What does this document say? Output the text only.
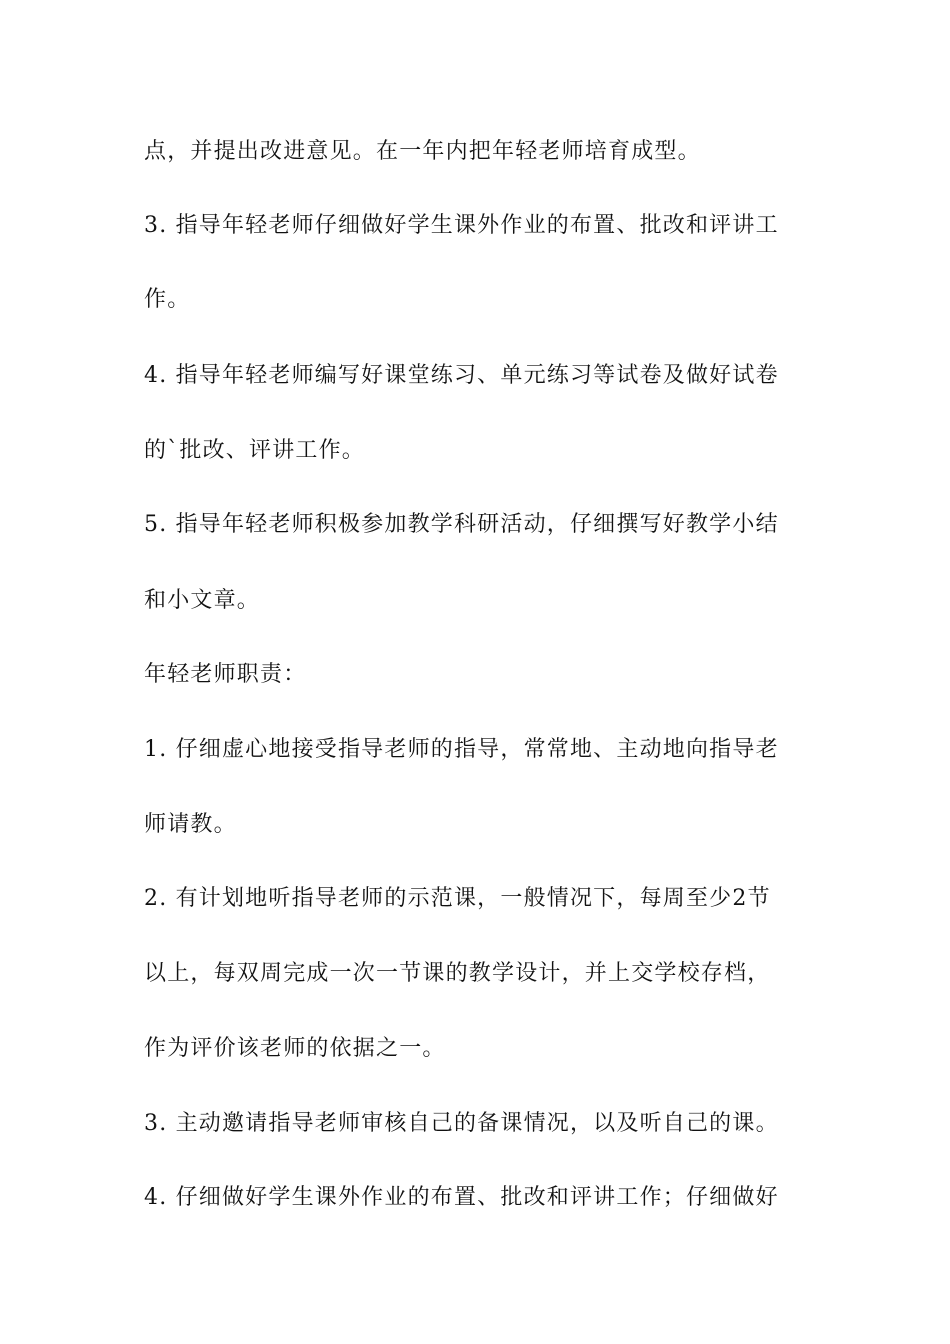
点，并提出改进意见。在一年内把年轻老师培育成型。
3. 指导年轻老师仔细做好学生课外作业的布置、批改和评讲工
作。
4. 指导年轻老师编写好课堂练习、单元练习等试卷及做好试卷
的`批改、评讲工作。
5. 指导年轻老师积极参加教学科研活动，仔细撰写好教学小结
和小文章。
年轻老师职责：
1. 仔细虚心地接受指导老师的指导，常常地、主动地向指导老
师请教。
2. 有计划地听指导老师的示范课，一般情况下，每周至少2节
以上，每双周完成一次一节课的教学设计，并上交学校存档，
作为评价该老师的依据之一。
3. 主动邀请指导老师审核自己的备课情况，以及听自己的课。
4. 仔细做好学生课外作业的布置、批改和评讲工作；仔细做好
